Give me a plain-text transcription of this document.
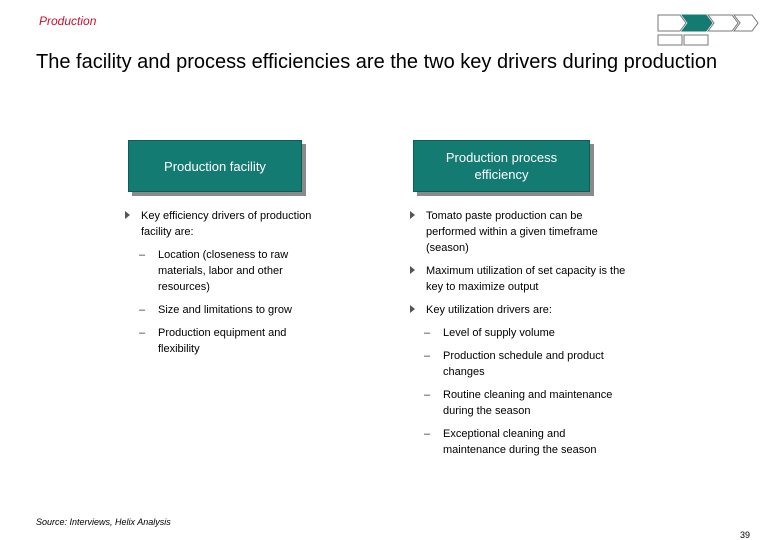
Production
The facility and process efficiencies are the two key drivers during production
Production facility
Production process efficiency
Key efficiency drivers of production facility are:
– Location (closeness to raw materials, labor and other resources)
– Size and limitations to grow
– Production equipment and flexibility
Tomato paste production can be performed within a given timeframe (season)
Maximum utilization of set capacity is the key to maximize output
Key utilization drivers are:
– Level of supply volume
– Production schedule and product changes
– Routine cleaning and maintenance during the season
– Exceptional cleaning and maintenance during the season
Source: Interviews, Helix Analysis
39
